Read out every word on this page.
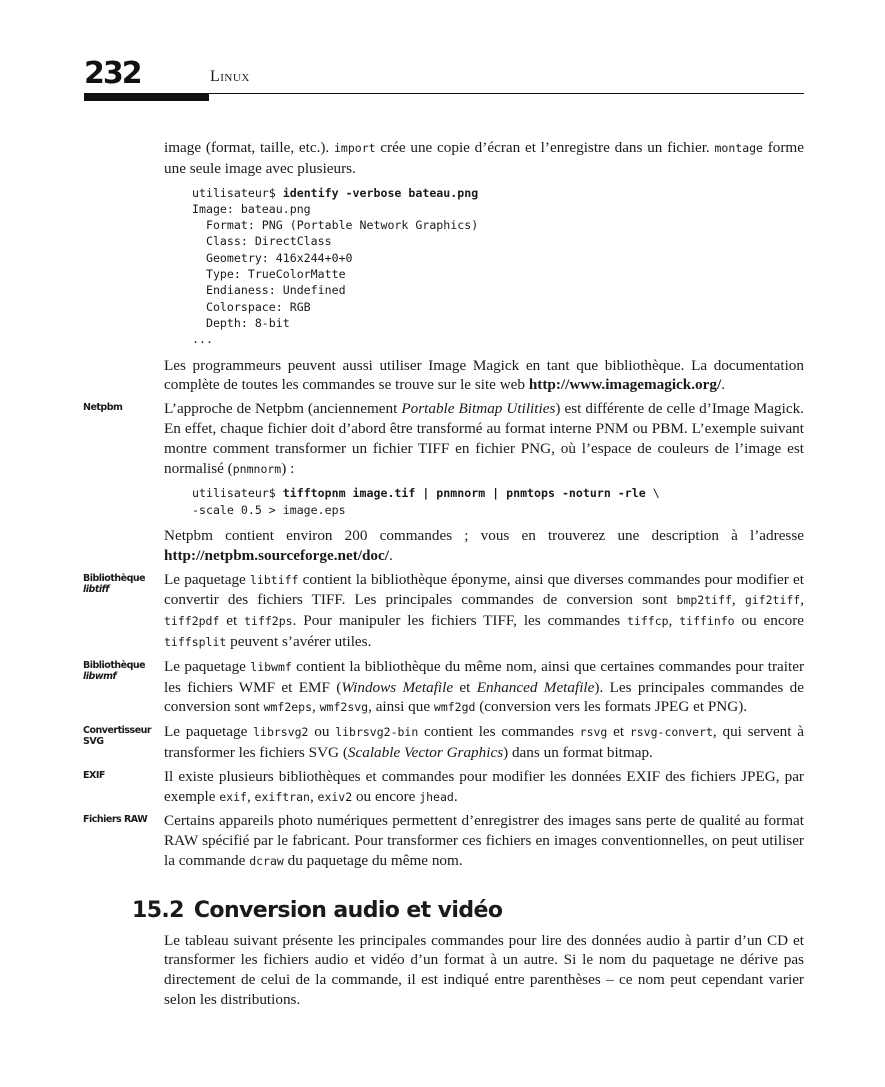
232	Linux

image (format, taille, etc.). import crée une copie d’écran et l’enregistre dans un fichier. montage forme une seule image avec plusieurs.

utilisateur$ identify -verbose bateau.png
Image: bateau.png
Format: PNG (Portable Network Graphics)
Class: DirectClass
Geometry: 416x244+0+0
Type: TrueColorMatte
Endianess: Undefined
Colorspace: RGB
Depth: 8-bit
...

Les programmeurs peuvent aussi utiliser Image Magick en tant que bibliothèque. La documentation complète de toutes les commandes se trouve sur le site web http://www.imagemagick.org/.

Netpbm	L’approche de Netpbm (anciennement Portable Bitmap Utilities) est différente de celle d’Image Magick. En effet, chaque fichier doit d’abord être transformé au format interne PNM ou PBM. L’exemple suivant montre comment transformer un fichier TIFF en fichier PNG, où l’espace de couleurs de l’image est normalisé (pnmnorm) :

utilisateur$ tifftopnm image.tif | pnmnorm | pnmtops -noturn -rle \
-scale 0.5 > image.eps

Netpbm contient environ 200 commandes ; vous en trouverez une description à l’adresse http://netpbm.sourceforge.net/doc/.

Bibliothèque
libtiff

Le paquetage libtiff contient la bibliothèque éponyme, ainsi que diverses commandes pour modifier et convertir des fichiers TIFF. Les principales commandes de conversion sont bmp2tiff, gif2tiff, tiff2pdf et tiff2ps. Pour manipuler les fichiers TIFF, les commandes tiffcp, tiffinfo ou encore tiffsplit peuvent s’avérer utiles.

Bibliothèque
libwmf

Le paquetage libwmf contient la bibliothèque du même nom, ainsi que certaines commandes pour traiter les fichiers WMF et EMF (Windows Metafile et Enhanced Metafile). Les principales commandes de conversion sont wmf2eps, wmf2svg, ainsi que wmf2gd (conversion vers les formats JPEG et PNG).

Convertisseur SVG

Le paquetage librsvg2 ou librsvg2-bin contient les commandes rsvg et rsvg-convert, qui servent à transformer les fichiers SVG (Scalable Vector Graphics) dans un format bitmap.

EXIF	Il existe plusieurs bibliothèques et commandes pour modifier les données EXIF des fichiers JPEG, par exemple exif, exiftran, exiv2 ou encore jhead.

Fichiers RAW	Certains appareils photo numériques permettent d’enregistrer des images sans perte de qualité au format RAW spécifié par le fabricant. Pour transformer ces fichiers en images conventionnelles, on peut utiliser la commande dcraw du paquetage du même nom.

15.2 Conversion audio et vidéo

Le tableau suivant présente les principales commandes pour lire des données audio à partir d’un CD et transformer les fichiers audio et vidéo d’un format à un autre. Si le nom du paquetage ne dérive pas directement de celui de la commande, il est indiqué entre parenthèses – ce nom peut cependant varier selon les distributions.
